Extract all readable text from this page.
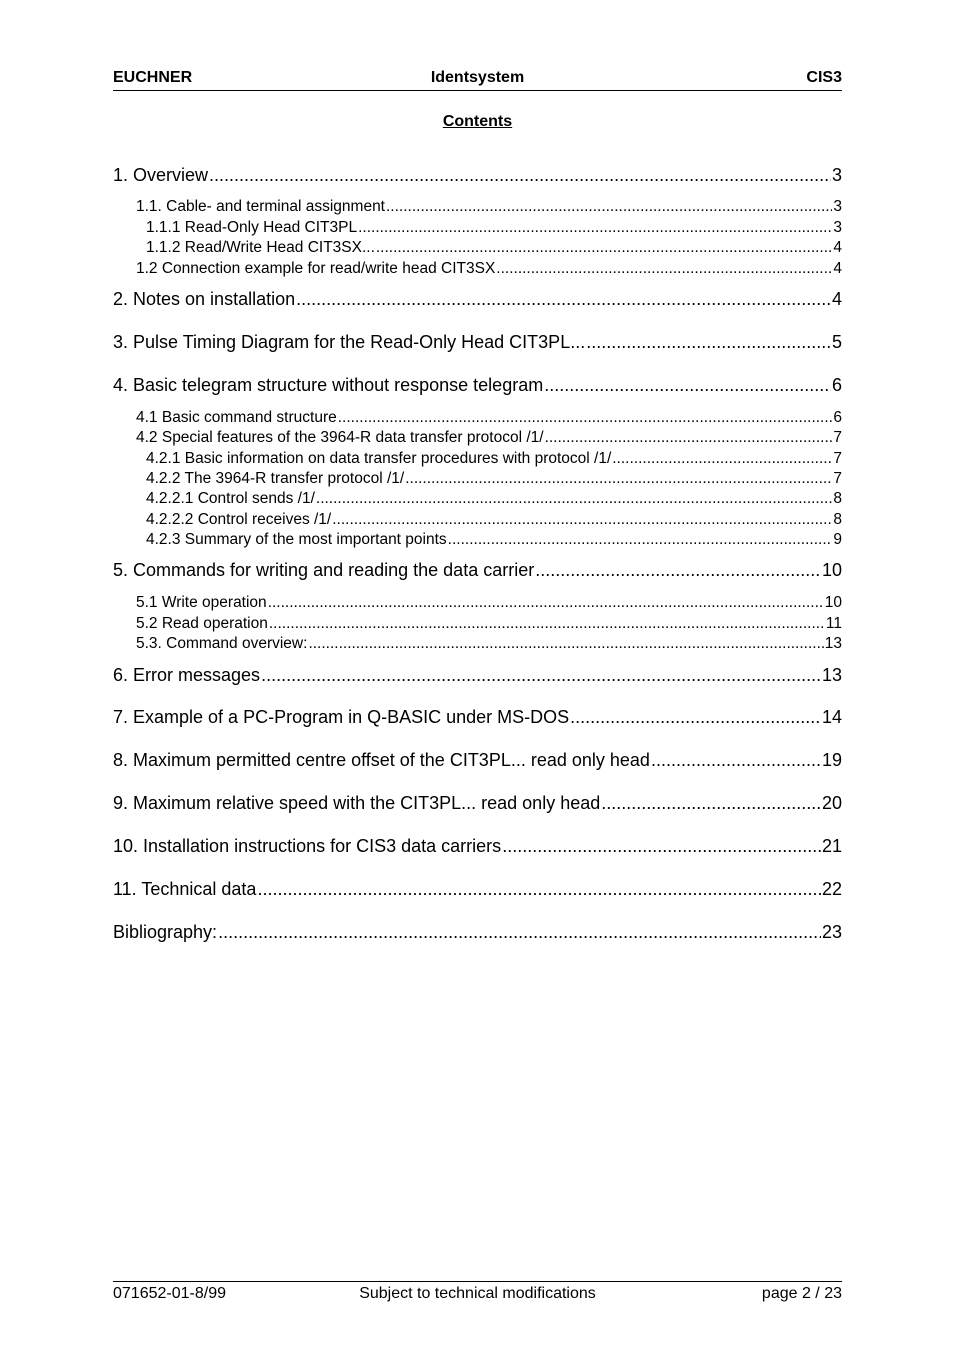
Identsystem
EUCHNER	CIS3
Contents
1. Overview .....	3
1.1. Cable- and terminal assignment .....	3
1.1.1 Read-Only Head CIT3PL .....	3
1.1.2 Read/Write Head CIT3SX... .....	4
1.2 Connection example for read/write head CIT3SX .....	4
2. Notes on installation .....	4
3. Pulse Timing Diagram for the Read-Only Head CIT3PL... .....	5
4. Basic telegram structure without response telegram .....	6
4.1 Basic command structure .....	6
4.2 Special features of the 3964-R data transfer protocol /1/ .....	7
4.2.1 Basic information on data transfer procedures with protocol /1/ .....	7
4.2.2 The 3964-R transfer protocol /1/ .....	7
4.2.2.1 Control sends /1/ .....	8
4.2.2.2 Control receives /1/ .....	8
4.2.3 Summary of the most important points .....	9
5. Commands for writing and reading the data carrier .....	10
5.1 Write operation .....	10
5.2 Read operation .....	11
5.3. Command overview: .....	13
6. Error messages .....	13
7. Example of a PC-Program in Q-BASIC under MS-DOS .....	14
8. Maximum permitted centre offset of the CIT3PL... read only head .....	19
9. Maximum relative speed with the CIT3PL... read only head .....	20
10. Installation instructions for CIS3 data carriers .....	21
11. Technical data .....	22
Bibliography: .....	23
Subject to technical modifications
071652-01-8/99	page 2 / 23
